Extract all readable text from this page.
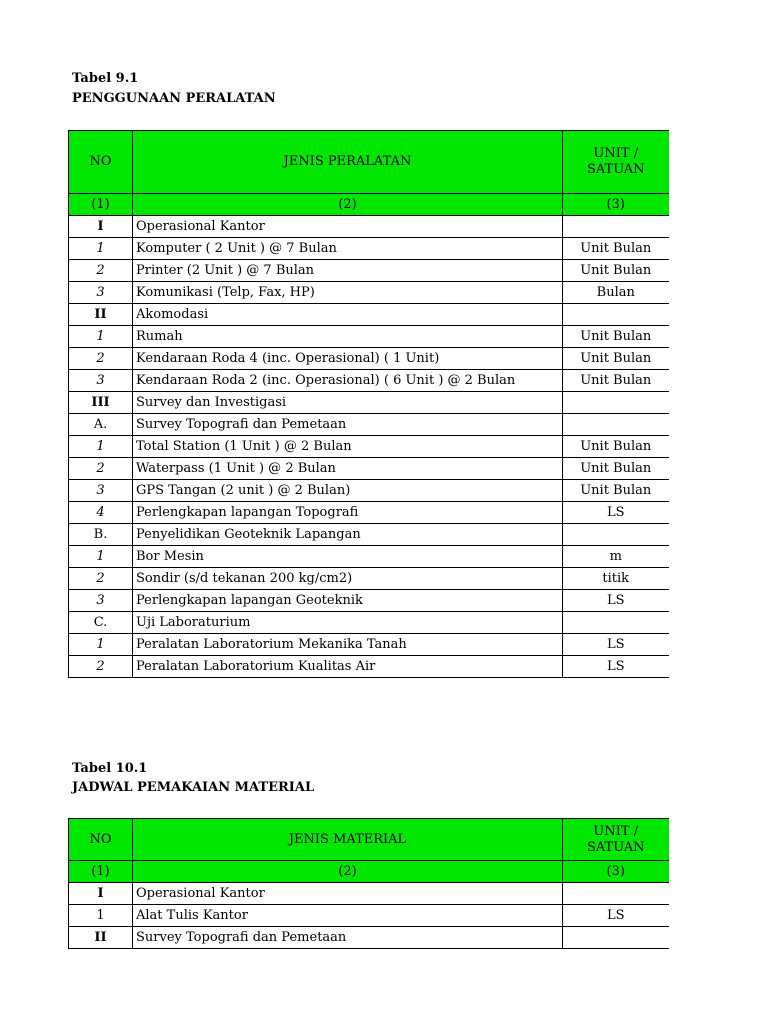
Tabel 9.1
PENGGUNAAN PERALATAN
NO	JENIS PERALATAN	UNIT / SATUAN
(1)	(2)	(3)
I	Operasional Kantor	
1	Komputer ( 2 Unit ) @ 7 Bulan	Unit Bulan
2	Printer (2 Unit ) @ 7 Bulan	Unit Bulan
3	Komunikasi (Telp, Fax, HP)	Bulan
II	Akomodasi	
1	Rumah	Unit Bulan
2	Kendaraan Roda 4 (inc. Operasional) ( 1 Unit)	Unit Bulan
3	Kendaraan Roda 2 (inc. Operasional) ( 6 Unit ) @ 2 Bulan	Unit Bulan
III	Survey dan Investigasi	
A.	Survey Topografi dan Pemetaan	
1	Total Station (1 Unit ) @ 2 Bulan	Unit Bulan
2	Waterpass (1 Unit ) @ 2 Bulan	Unit Bulan
3	GPS Tangan (2 unit ) @ 2 Bulan)	Unit Bulan
4	Perlengkapan lapangan Topografi	LS
B.	Penyelidikan Geoteknik Lapangan	
1	Bor Mesin	m
2	Sondir (s/d tekanan 200 kg/cm2)	titik
3	Perlengkapan lapangan Geoteknik	LS
C.	Uji Laboraturium	
1	Peralatan Laboratorium Mekanika Tanah	LS
2	Peralatan Laboratorium Kualitas Air	LS
Tabel 10.1
JADWAL PEMAKAIAN MATERIAL
NO	JENIS MATERIAL	UNIT / SATUAN
(1)	(2)	(3)
I	Operasional Kantor	
1	Alat Tulis Kantor	LS
II	Survey Topografi dan Pemetaan	
